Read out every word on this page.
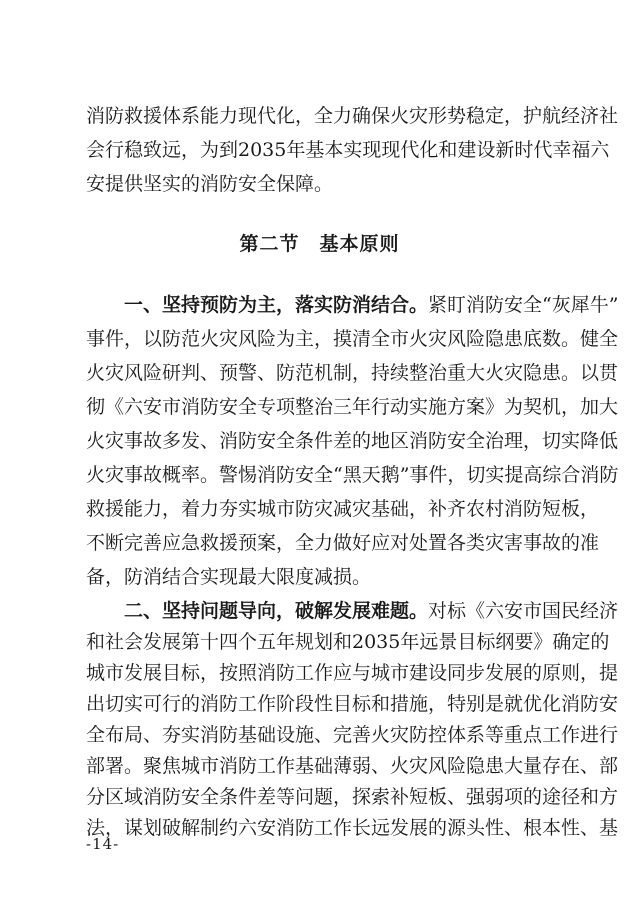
消防救援体系能力现代化，全力确保火灾形势稳定，护航经济社
会行稳致远，为到2035年基本实现现代化和建设新时代幸福六
安提供坚实的消防安全保障。
第二节　基本原则
一、坚持预防为主，落实防消结合。紧盯消防安全“灰犀牛”
事件，以防范火灾风险为主，摸清全市火灾风险隐患底数。健全
火灾风险研判、预警、防范机制，持续整治重大火灾隐患。以贯
彻《六安市消防安全专项整治三年行动实施方案》为契机，加大
火灾事故多发、消防安全条件差的地区消防安全治理，切实降低
火灾事故概率。警惕消防安全“黑天鹅”事件，切实提高综合消防
救援能力，着力夯实城市防灾减灾基础，补齐农村消防短板，
不断完善应急救援预案，全力做好应对处置各类灾害事故的准
备，防消结合实现最大限度减损。
二、坚持问题导向，破解发展难题。对标《六安市国民经济
和社会发展第十四个五年规划和2035年远景目标纲要》确定的
城市发展目标，按照消防工作应与城市建设同步发展的原则，提
出切实可行的消防工作阶段性目标和措施，特别是就优化消防安
全布局、夯实消防基础设施、完善火灾防控体系等重点工作进行
部署。聚焦城市消防工作基础薄弱、火灾风险隐患大量存在、部
分区域消防安全条件差等问题，探索补短板、强弱项的途径和方
-14-
法，谋划破解制约六安消防工作长远发展的源头性、根本性、基
